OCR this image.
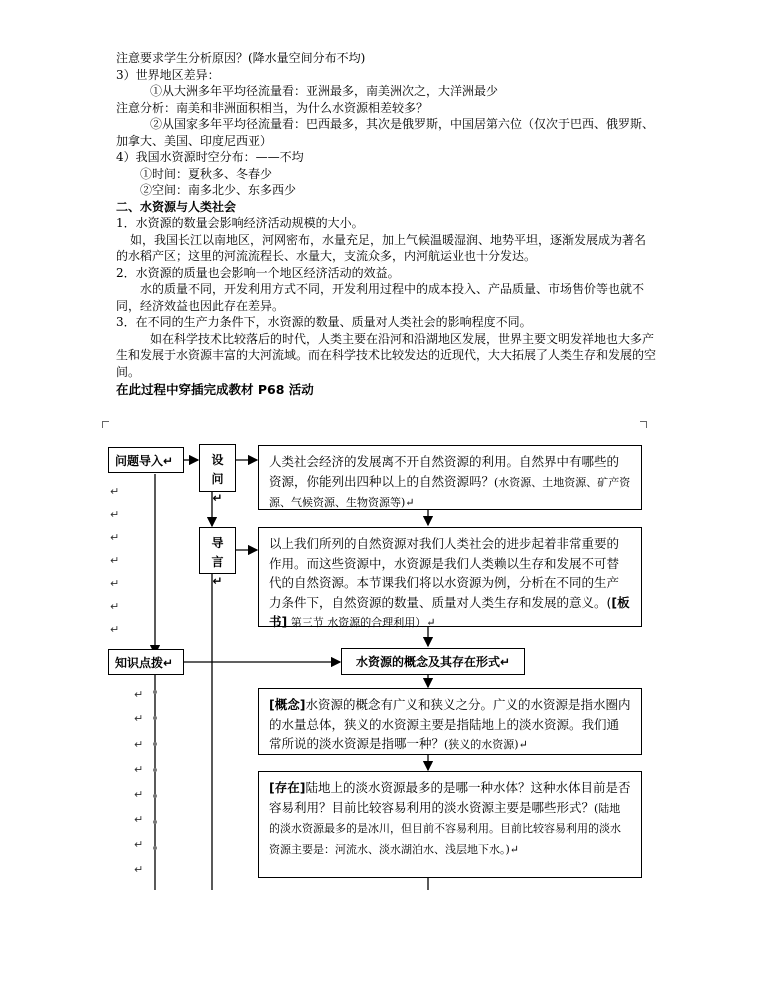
注意要求学生分析原因？(降水量空间分布不均)
3）世界地区差异：
①从大洲多年平均径流量看：亚洲最多，南美洲次之，大洋洲最少
注意分析：南美和非洲面积相当，为什么水资源相差较多？
②从国家多年平均径流量看：巴西最多，其次是俄罗斯，中国居第六位（仅次于巴西、俄罗斯、加拿大、美国、印度尼西亚）
4）我国水资源时空分布：——不均
①时间：夏秋多、冬春少
②空间：南多北少、东多西少
二、水资源与人类社会
1．水资源的数量会影响经济活动规模的大小。
如，我国长江以南地区，河网密布，水量充足，加上气候温暖湿润、地势平坦，逐渐发展成为著名的水稻产区；这里的河流流程长、水量大，支流众多，内河航运业也十分发达。
2．水资源的质量也会影响一个地区经济活动的效益。
水的质量不同，开发利用方式不同，开发利用过程中的成本投入、产品质量、市场售价等也就不同，经济效益也因此存在差异。
3．在不同的生产力条件下，水资源的数量、质量对人类社会的影响程度不同。
如在科学技术比较落后的时代，人类主要在沿河和沿湖地区发展，世界主要文明发祥地也大多产生和发展于水资源丰富的大河流域。而在科学技术比较发达的近现代，大大拓展了人类生存和发展的空间。
在此过程中穿插完成教材 P68 活动
↵
↵
↵
↵
↵
↵
↵
↵
↵
↵
↵
↵
↵
↵
↵
问题导入↵	设问↵
导言↵
知识点拨↵	水资源的概念及其存在形式↵
人类社会经济的发展离不开自然资源的利用。自然界中有哪些的资源，你能列出四种以上的自然资源吗？(水资源、土地资源、矿产资源、气候资源、生物资源等)↵
以上我们所列的自然资源对我们人类社会的进步起着非常重要的作用。而这些资源中，水资源是我们人类赖以生存和发展不可替代的自然资源。本节课我们将以水资源为例，分析在不同的生产力条件下，自然资源的数量、质量对人类生存和发展的意义。([板书] 第三节 水资源的合理利用）↵
[概念]水资源的概念有广义和狭义之分。广义的水资源是指水圈内的水量总体，狭义的水资源主要是指陆地上的淡水资源。我们通常所说的淡水资源是指哪一种？(狭义的水资源)↵
[存在]陆地上的淡水资源最多的是哪一种水体？这种水体目前是否容易利用？目前比较容易利用的淡水资源主要是哪些形式？(陆地的淡水资源最多的是冰川，但目前不容易利用。目前比较容易利用的淡水资源主要是：河流水、淡水湖泊水、浅层地下水。)↵
